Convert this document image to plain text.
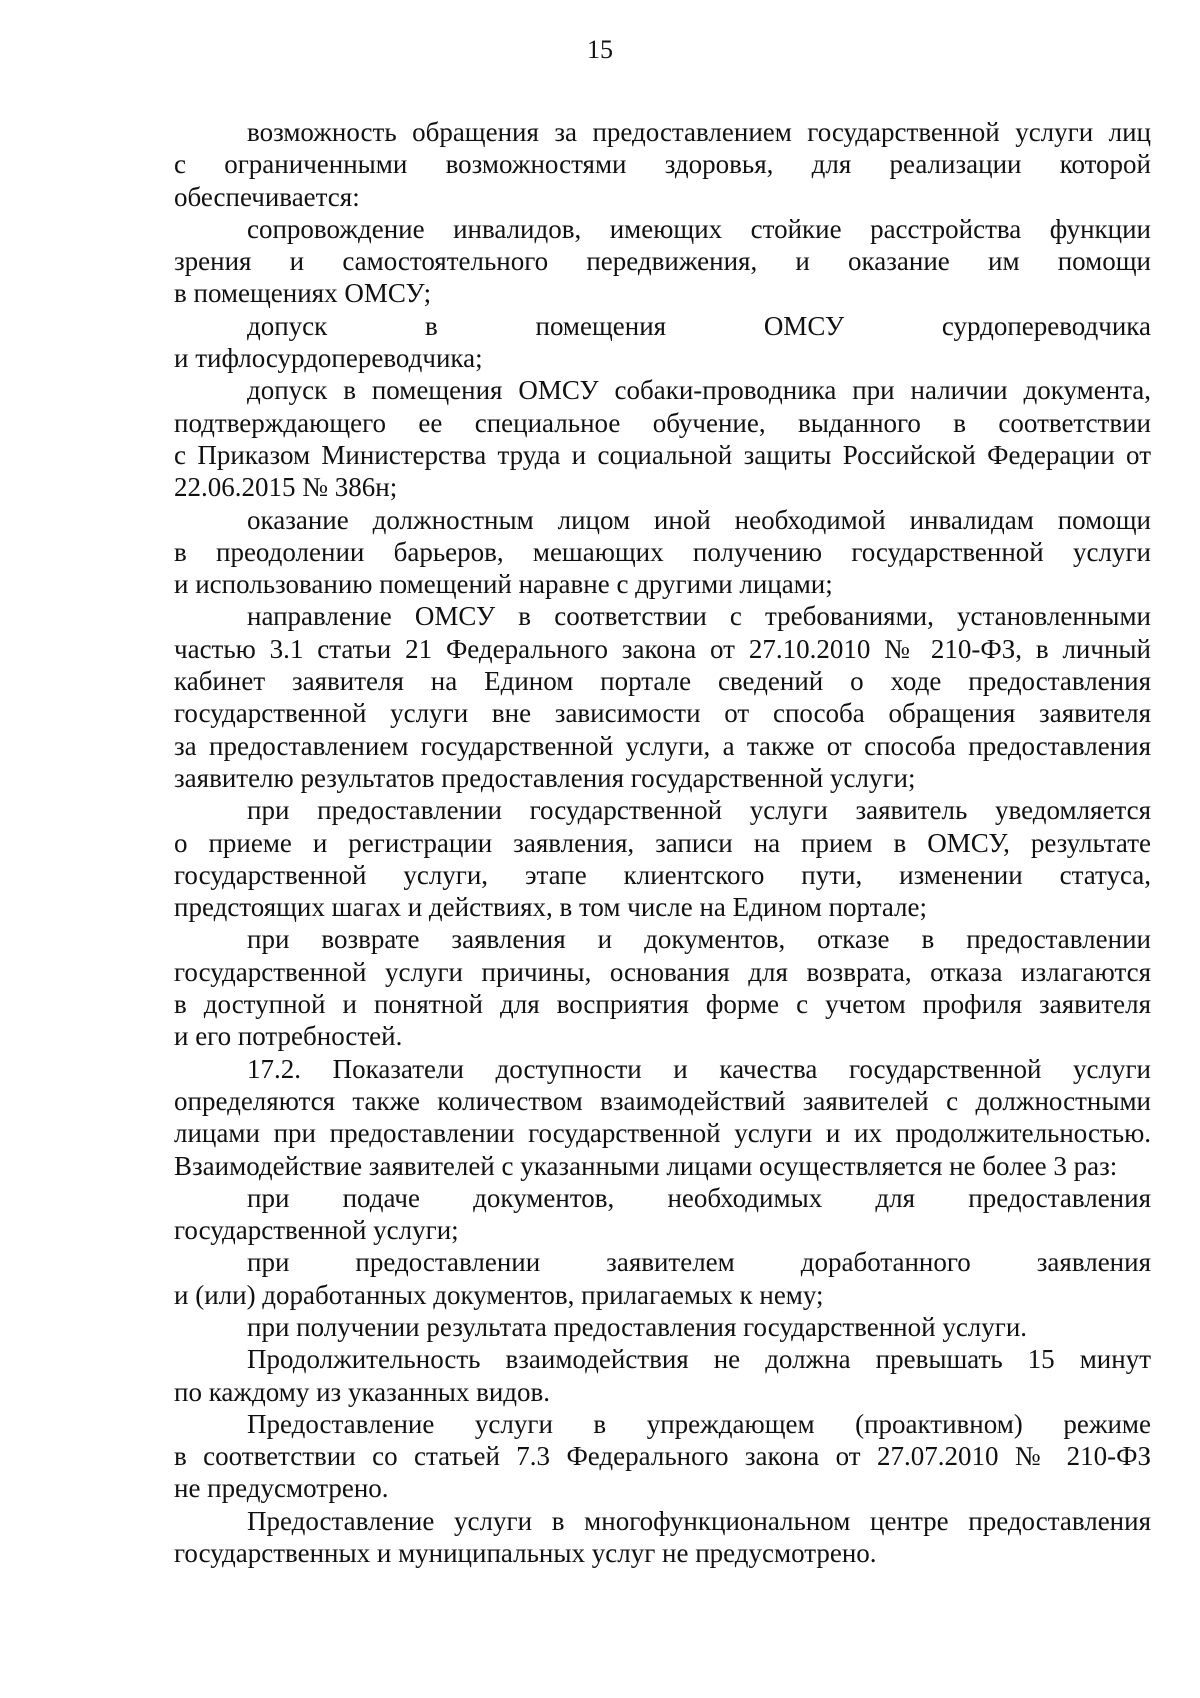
15
возможность обращения за предоставлением государственной услуги лиц
с ограниченными возможностями здоровья, для реализации которой
обеспечивается:
сопровождение инвалидов, имеющих стойкие расстройства функции
зрения и самостоятельного передвижения, и оказание им помощи
в помещениях ОМСУ;
допуск в помещения ОМСУ сурдопереводчика
и тифлосурдопереводчика;
допуск в помещения ОМСУ собаки-проводника при наличии документа,
подтверждающего ее специальное обучение, выданного в соответствии
с Приказом Министерства труда и социальной защиты Российской Федерации от
22.06.2015 № 386н;
оказание должностным лицом иной необходимой инвалидам помощи
в преодолении барьеров, мешающих получению государственной услуги
и использованию помещений наравне с другими лицами;
направление ОМСУ в соответствии с требованиями, установленными
частью 3.1 статьи 21 Федерального закона от 27.10.2010 № 210-ФЗ, в личный
кабинет заявителя на Едином портале сведений о ходе предоставления
государственной услуги вне зависимости от способа обращения заявителя
за предоставлением государственной услуги, а также от способа предоставления
заявителю результатов предоставления государственной услуги;
при предоставлении государственной услуги заявитель уведомляется
о приеме и регистрации заявления, записи на прием в ОМСУ, результате
государственной услуги, этапе клиентского пути, изменении статуса,
предстоящих шагах и действиях, в том числе на Едином портале;
при возврате заявления и документов, отказе в предоставлении
государственной услуги причины, основания для возврата, отказа излагаются
в доступной и понятной для восприятия форме с учетом профиля заявителя
и его потребностей.
17.2. Показатели доступности и качества государственной услуги
определяются также количеством взаимодействий заявителей с должностными
лицами при предоставлении государственной услуги и их продолжительностью.
Взаимодействие заявителей с указанными лицами осуществляется не более 3 раз:
при подаче документов, необходимых для предоставления
государственной услуги;
при предоставлении заявителем доработанного заявления
и (или) доработанных документов, прилагаемых к нему;
при получении результата предоставления государственной услуги.
Продолжительность взаимодействия не должна превышать 15 минут
по каждому из указанных видов.
Предоставление услуги в упреждающем (проактивном) режиме
в соответствии со статьей 7.3 Федерального закона от 27.07.2010 № 210-ФЗ
не предусмотрено.
Предоставление услуги в многофункциональном центре предоставления
государственных и муниципальных услуг не предусмотрено.
